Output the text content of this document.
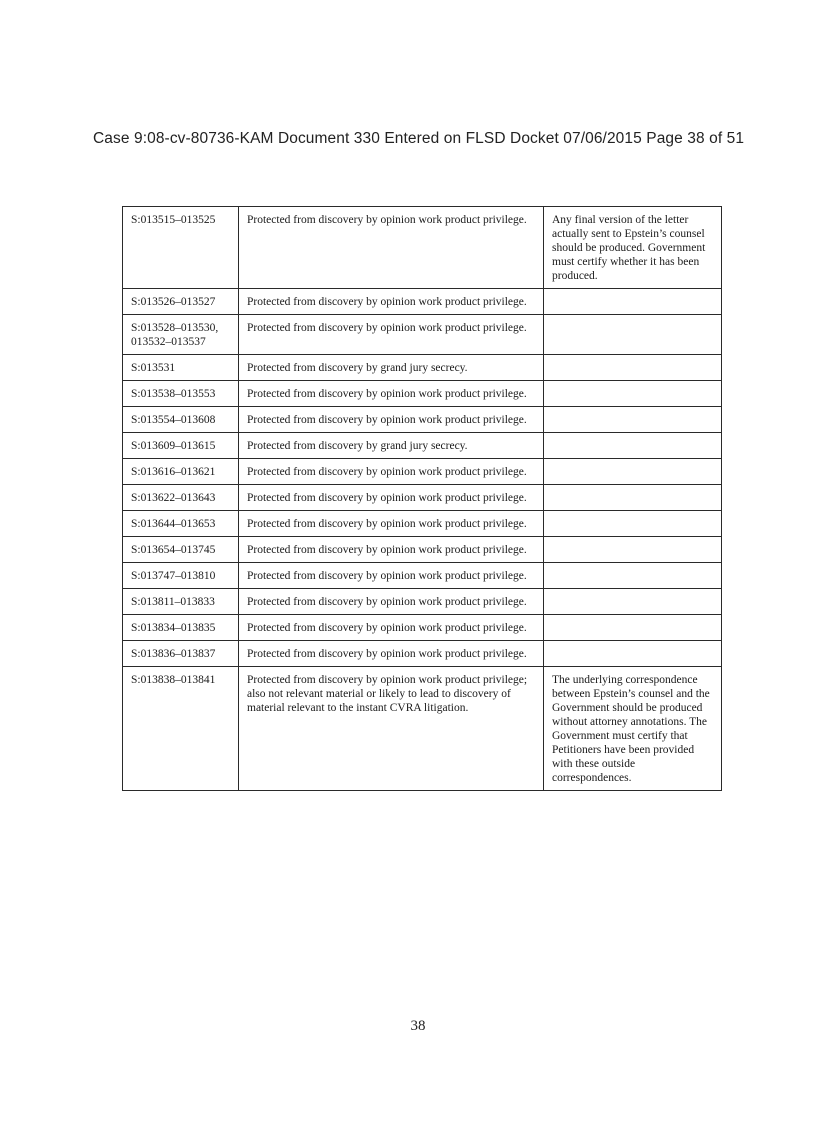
Case 9:08-cv-80736-KAM Document 330 Entered on FLSD Docket 07/06/2015 Page 38 of 51
S:013515–013525	Protected from discovery by opinion work product privilege.	Any final version of the letter actually sent to Epstein’s counsel should be produced. Government must certify whether it has been produced.
S:013526–013527	Protected from discovery by opinion work product privilege.	
S:013528–013530, 013532–013537	Protected from discovery by opinion work product privilege.	
S:013531	Protected from discovery by grand jury secrecy.	
S:013538–013553	Protected from discovery by opinion work product privilege.	
S:013554–013608	Protected from discovery by opinion work product privilege.	
S:013609–013615	Protected from discovery by grand jury secrecy.	
S:013616–013621	Protected from discovery by opinion work product privilege.	
S:013622–013643	Protected from discovery by opinion work product privilege.	
S:013644–013653	Protected from discovery by opinion work product privilege.	
S:013654–013745	Protected from discovery by opinion work product privilege.	
S:013747–013810	Protected from discovery by opinion work product privilege.	
S:013811–013833	Protected from discovery by opinion work product privilege.	
S:013834–013835	Protected from discovery by opinion work product privilege.	
S:013836–013837	Protected from discovery by opinion work product privilege.	
S:013838–013841	Protected from discovery by opinion work product privilege; also not relevant material or likely to lead to discovery of material relevant to the instant CVRA litigation.	The underlying correspondence between Epstein’s counsel and the Government should be produced without attorney annotations. The Government must certify that Petitioners have been provided with these outside correspondences.
38
